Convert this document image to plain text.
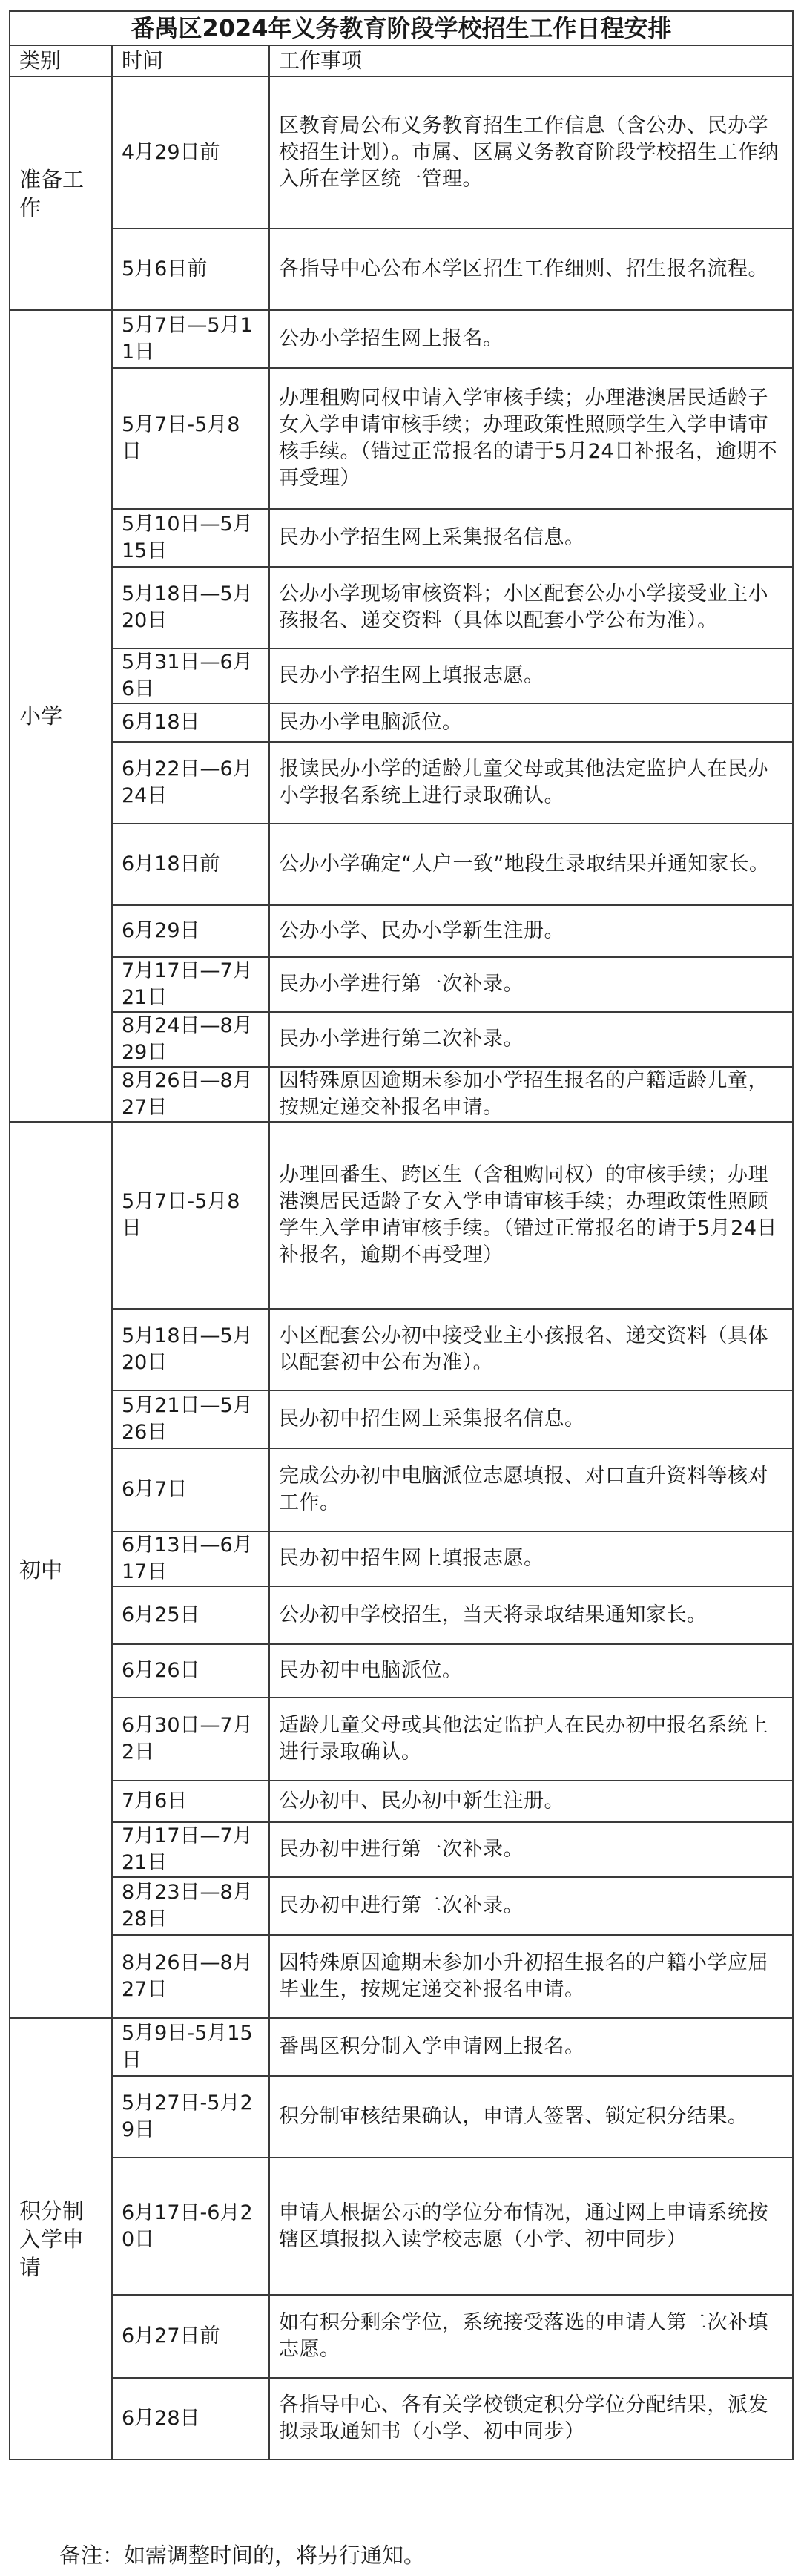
番禺区2024年义务教育阶段学校招生工作日程安排		
类别	时间	工作事项
准备工作	4月29日前	区教育局公布义务教育招生工作信息（含公办、民办学校招生计划）。市属、区属义务教育阶段学校招生工作纳入所在学区统一管理。
	5月6日前	各指导中心公布本学区招生工作细则、招生报名流程。
小学	5月7日—5月11日	公办小学招生网上报名。
	5月7日-5月8日	办理租购同权申请入学审核手续；办理港澳居民适龄子女入学申请审核手续；办理政策性照顾学生入学申请审核手续。（错过正常报名的请于5月24日补报名，逾期不再受理）
	5月10日—5月15日	民办小学招生网上采集报名信息。
	5月18日—5月20日	公办小学现场审核资料；小区配套公办小学接受业主小孩报名、递交资料（具体以配套小学公布为准）。
	5月31日—6月6日	民办小学招生网上填报志愿。
	6月18日	民办小学电脑派位。
	6月22日—6月24日	报读民办小学的适龄儿童父母或其他法定监护人在民办小学报名系统上进行录取确认。
	6月18日前	公办小学确定“人户一致”地段生录取结果并通知家长。
	6月29日	公办小学、民办小学新生注册。
	7月17日—7月21日	民办小学进行第一次补录。
	8月24日—8月29日	民办小学进行第二次补录。
	8月26日—8月27日	因特殊原因逾期未参加小学招生报名的户籍适龄儿童，按规定递交补报名申请。
初中	5月7日-5月8日	办理回番生、跨区生（含租购同权）的审核手续；办理港澳居民适龄子女入学申请审核手续；办理政策性照顾学生入学申请审核手续。（错过正常报名的请于5月24日补报名，逾期不再受理）
	5月18日—5月20日	小区配套公办初中接受业主小孩报名、递交资料（具体以配套初中公布为准）。
	5月21日—5月26日	民办初中招生网上采集报名信息。
	6月7日	完成公办初中电脑派位志愿填报、对口直升资料等核对工作。
	6月13日—6月17日	民办初中招生网上填报志愿。
	6月25日	公办初中学校招生，当天将录取结果通知家长。
	6月26日	民办初中电脑派位。
	6月30日—7月2日	适龄儿童父母或其他法定监护人在民办初中报名系统上进行录取确认。
	7月6日	公办初中、民办初中新生注册。
	7月17日—7月21日	民办初中进行第一次补录。
	8月23日—8月28日	民办初中进行第二次补录。
	8月26日—8月27日	因特殊原因逾期未参加小升初招生报名的户籍小学应届毕业生，按规定递交补报名申请。
积分制入学申请	5月9日-5月15日	番禺区积分制入学申请网上报名。
	5月27日-5月29日	积分制审核结果确认，申请人签署、锁定积分结果。
	6月17日-6月20日	申请人根据公示的学位分布情况，通过网上申请系统按辖区填报拟入读学校志愿（小学、初中同步）
	6月27日前	如有积分剩余学位，系统接受落选的申请人第二次补填志愿。
	6月28日	各指导中心、各有关学校锁定积分学位分配结果，派发拟录取通知书（小学、初中同步）
备注：如需调整时间的，将另行通知。
